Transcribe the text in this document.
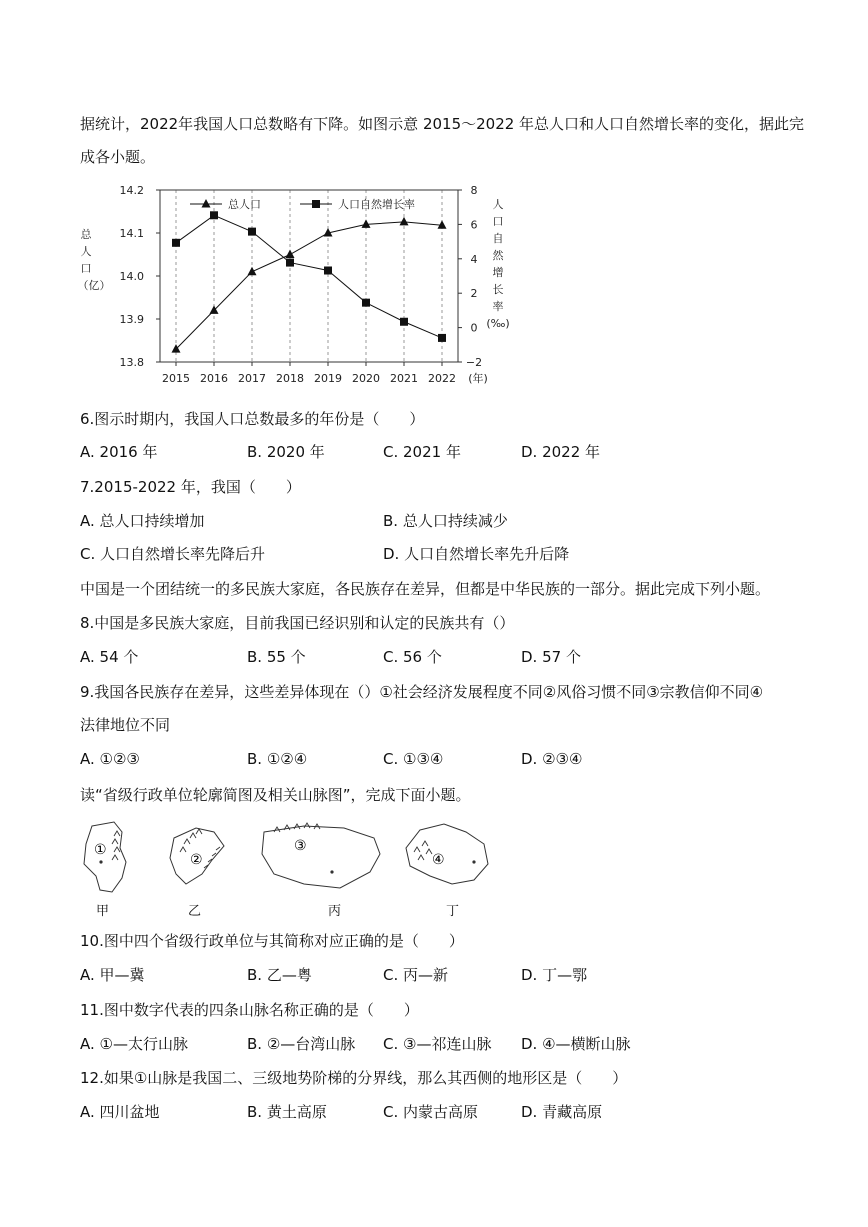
据统计，2022年我国人口总数略有下降。如图示意 2015～2022 年总人口和人口自然增长率的变化，据此完
成各小题。
14.2
14.1
14.0
13.9
13.8
8
6
4
2
0
−2
2015 2016 2017 2018 2019 2020 2021 2022 (年)
总
人
口
（亿）
人
口
自
然
增
长
率
(‰)
总人口	人口自然增长率
6.图示时期内，我国人口总数最多的年份是（　　）
A. 2016 年	B. 2020 年	C. 2021 年	D. 2022 年
7.2015-2022 年，我国（　　）
A. 总人口持续增加	B. 总人口持续减少
C. 人口自然增长率先降后升	D. 人口自然增长率先升后降
中国是一个团结统一的多民族大家庭，各民族存在差异，但都是中华民族的一部分。据此完成下列小题。
8.中国是多民族大家庭，目前我国已经识别和认定的民族共有（）
A. 54 个	B. 55 个	C. 56 个	D. 57 个
9.我国各民族存在差异，这些差异体现在（）①社会经济发展程度不同②风俗习惯不同③宗教信仰不同④
法律地位不同
A. ①②③	B. ①②④	C. ①③④	D. ②③④
读“省级行政单位轮廓简图及相关山脉图”，完成下面小题。
①
②
③
④
甲	乙	丙	丁
10.图中四个省级行政单位与其简称对应正确的是（　　）
A. 甲—冀	B. 乙—粤	C. 丙—新	D. 丁—鄂
11.图中数字代表的四条山脉名称正确的是（　　）
A. ①—太行山脉	B. ②—台湾山脉 C. ③—祁连山脉 D. ④—横断山脉
12.如果①山脉是我国二、三级地势阶梯的分界线，那么其西侧的地形区是（　　）
A. 四川盆地	B. 黄土高原	C. 内蒙古高原	D. 青藏高原
